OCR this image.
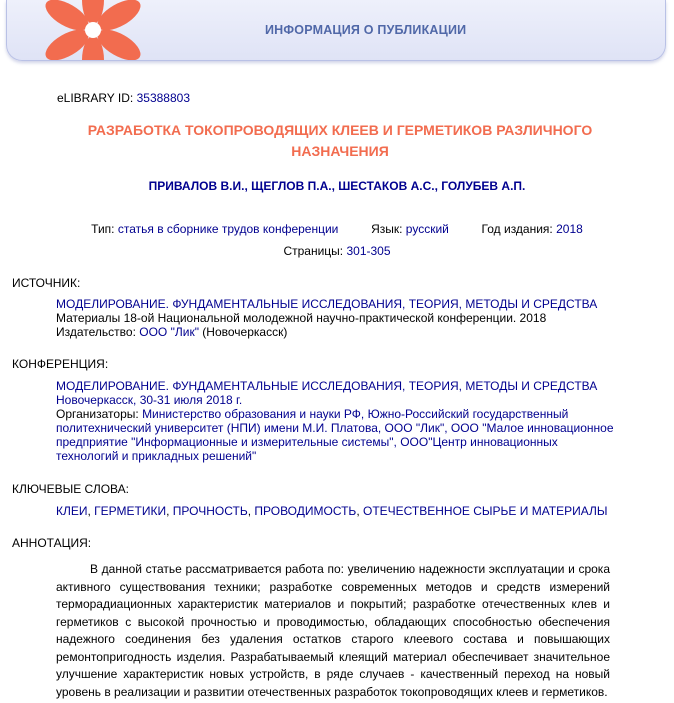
ИНФОРМАЦИЯ О ПУБЛИКАЦИИ
eLIBRARY ID: 35388803
РАЗРАБОТКА ТОКОПРОВОДЯЩИХ КЛЕЕВ И ГЕРМЕТИКОВ РАЗЛИЧНОГО НАЗНАЧЕНИЯ
ПРИВАЛОВ В.И., ЩЕГЛОВ П.А., ШЕСТАКОВ А.С., ГОЛУБЕВ А.П.
Тип: статья в сборнике трудов конференции	Язык: русский	Год издания: 2018
Страницы: 301-305
ИСТОЧНИК:
МОДЕЛИРОВАНИЕ. ФУНДАМЕНТАЛЬНЫЕ ИССЛЕДОВАНИЯ, ТЕОРИЯ, МЕТОДЫ И СРЕДСТВА
Материалы 18-ой Национальной молодежной научно-практической конференции. 2018
Издательство: ООО "Лик" (Новочеркасск)
КОНФЕРЕНЦИЯ:
МОДЕЛИРОВАНИЕ. ФУНДАМЕНТАЛЬНЫЕ ИССЛЕДОВАНИЯ, ТЕОРИЯ, МЕТОДЫ И СРЕДСТВА
Новочеркасск, 30-31 июля 2018 г.
Организаторы: Министерство образования и науки РФ, Южно-Российский государственный политехнический университет (НПИ) имени М.И. Платова, ООО "Лик", ООО "Малое инновационное предприятие "Информационные и измерительные системы", ООО"Центр инновационных технологий и прикладных решений"
КЛЮЧЕВЫЕ СЛОВА:
КЛЕИ, ГЕРМЕТИКИ, ПРОЧНОСТЬ, ПРОВОДИМОСТЬ, ОТЕЧЕСТВЕННОЕ СЫРЬЕ И МАТЕРИАЛЫ
АННОТАЦИЯ:
В данной статье рассматривается работа по: увеличению надежности эксплуатации и срока активного существования техники; разработке современных методов и средств измерений терморадиационных характеристик материалов и покрытий; разработке отечественных клев и герметиков с высокой прочностью и проводимостью, обладающих способностью обеспечения надежного соединения без удаления остатков старого клеевого состава и повышающих ремонтопригодность изделия. Разрабатываемый клеящий материал обеспечивает значительное улучшение характеристик новых устройств, в ряде случаев - качественный переход на новый уровень в реализации и развитии отечественных разработок токопроводящих клеев и герметиков.
